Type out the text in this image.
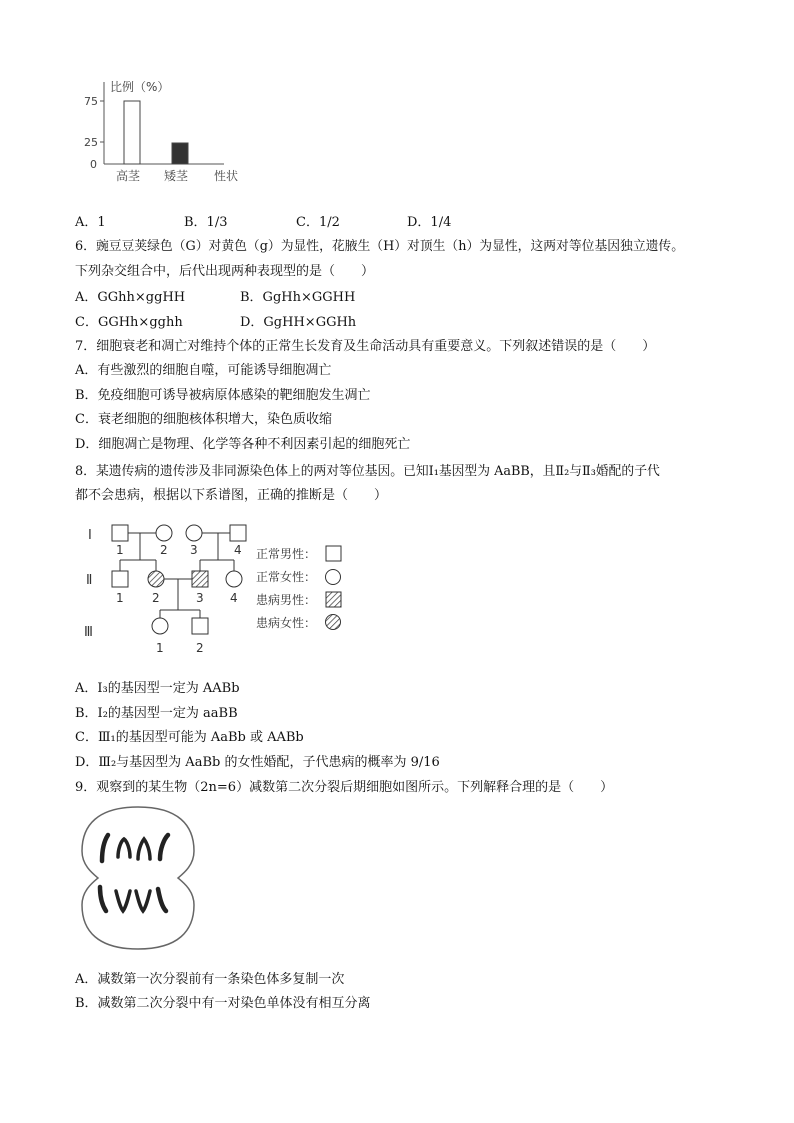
比例（%）
75
25
0
高茎 矮茎 性状
A．1	B．1/3	C．1/2	D．1/4
6．豌豆豆荚绿色（G）对黄色（g）为显性，花腋生（H）对顶生（h）为显性，这两对等位基因独立遗传。
下列杂交组合中，后代出现两种表现型的是（　　）
A．GGhh×ggHH	B．GgHh×GGHH
C．GGHh×gghh	D．GgHH×GGHh
7．细胞衰老和凋亡对维持个体的正常生长发育及生命活动具有重要意义。下列叙述错误的是（　　）
A．有些激烈的细胞自噬，可能诱导细胞凋亡
B．免疫细胞可诱导被病原体感染的靶细胞发生凋亡
C．衰老细胞的细胞核体积增大，染色质收缩
D．细胞凋亡是物理、化学等各种不利因素引起的细胞死亡
8．某遗传病的遗传涉及非同源染色体上的两对等位基因。已知Ⅰ₁基因型为 AaBB，且Ⅱ₂与Ⅱ₃婚配的子代
都不会患病，根据以下系谱图，正确的推断是（　　）
Ⅰ
Ⅱ
Ⅲ
1	2 3	4
1 2	3 4
1	2
正常男性：
正常女性：
患病男性：
患病女性：
A．I₃的基因型一定为 AABb
B．I₂的基因型一定为 aaBB
C．Ⅲ₁的基因型可能为 AaBb 或 AABb
D．Ⅲ₂与基因型为 AaBb 的女性婚配，子代患病的概率为 9/16
9．观察到的某生物（2n=6）减数第二次分裂后期细胞如图所示。下列解释合理的是（　　）
A．减数第一次分裂前有一条染色体多复制一次
B．减数第二次分裂中有一对染色单体没有相互分离
